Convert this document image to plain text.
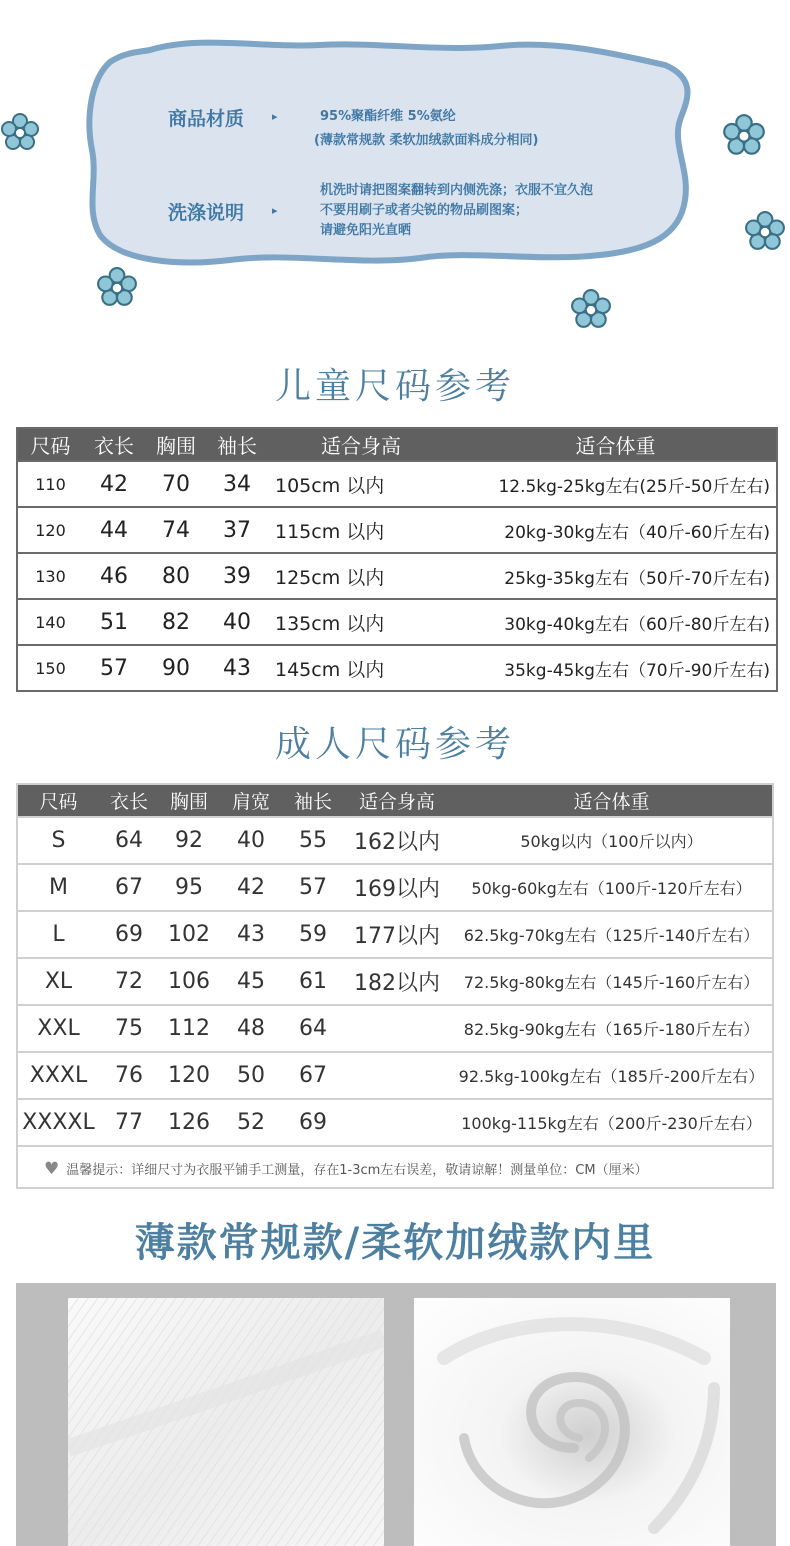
商品材质	▸	95%聚酯纤维 5%氨纶
(薄款常规款 柔软加绒款面料成分相同)
洗涤说明	▸
机洗时请把图案翻转到内侧洗涤；衣服不宜久泡
不要用刷子或者尖锐的物品刷图案；
请避免阳光直晒
儿童尺码参考
尺码	衣长	胸围	袖长	适合身高	适合体重
110	42	70	34	105cm 以内	12.5kg-25kg左右(25斤-50斤左右)
120	44	74	37	115cm 以内	20kg-30kg左右（40斤-60斤左右)
130	46	80	39	125cm 以内	25kg-35kg左右（50斤-70斤左右)
140	51	82	40	135cm 以内	30kg-40kg左右（60斤-80斤左右)
150	57	90	43	145cm 以内	35kg-45kg左右（70斤-90斤左右)
成人尺码参考
尺码	衣长	胸围	肩宽	袖长	适合身高	适合体重
S	64	92	40	55	162以内	50kg以内（100斤以内）
M	67	95	42	57	169以内	50kg-60kg左右（100斤-120斤左右）
L	69	102	43	59	177以内	62.5kg-70kg左右（125斤-140斤左右）
XL	72	106	45	61	182以内	72.5kg-80kg左右（145斤-160斤左右）
XXL	75	112	48	64		82.5kg-90kg左右（165斤-180斤左右）
XXXL	76	120	50	67		92.5kg-100kg左右（185斤-200斤左右）
XXXXL	77	126	52	69		100kg-115kg左右（200斤-230斤左右）
♥ 温馨提示：详细尺寸为衣服平铺手工测量，存在1-3cm左右误差，敬请谅解！测量单位：CM（厘米）						
薄款常规款/柔软加绒款内里
